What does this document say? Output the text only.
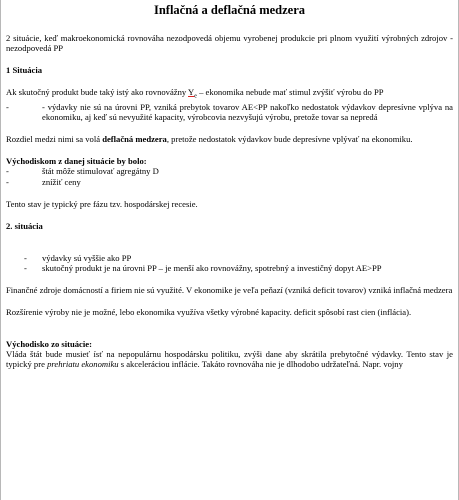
Inflačná a deflačná medzera

2 situácie, keď makroekonomická rovnováha nezodpovedá objemu vyrobenej produkcie pri plnom využití výrobných zdrojov - nezodpovedá PP

1 Situácia

Ak skutočný produkt bude taký istý ako rovnovážny $Y_e$ – ekonomika nebude mať stimul zvýšiť výrobu do PP

-	- výdavky nie sú na úrovni PP, vzniká prebytok tovarov AE<PP nakoľko nedostatok výdavkov depresívne vplýva na ekonomiku, aj keď sú nevyužité kapacity, výrobcovia nezvyšujú výrobu, pretože tovar sa nepredá

Rozdiel medzi nimi sa volá deflačná medzera, pretože nedostatok výdavkov bude depresívne vplývať na ekonomiku.

Východiskom z danej situácie by bolo:

-	štát môže stimulovať agregátny D
-	znížiť ceny

Tento stav je typický pre fázu tzv. hospodárskej recesie.

2. situácia

-	výdavky sú vyššie ako PP
-	skutočný produkt je na úrovni PP – je menší ako rovnovážny, spotrebný a investičný dopyt AE>PP

Finančné zdroje domácností a firiem nie sú využité. V ekonomike je veľa peňazí (vzniká deficit tovarov) vzniká inflačná medzera

Rozšírenie výroby nie je možné, lebo ekonomika využíva všetky výrobné kapacity. deficit spôsobí rast cien (inflácia).

Východisko zo situácie:

Vláda štát bude musieť ísť na nepopulárnu hospodársku politiku, zvýši dane aby skrátila prebytočné výdavky. Tento stav je typický pre prehriatu ekonomiku s akceleráciou inflácie. Takáto rovnováha nie je dlhodobo udržateľná. Napr. vojny
